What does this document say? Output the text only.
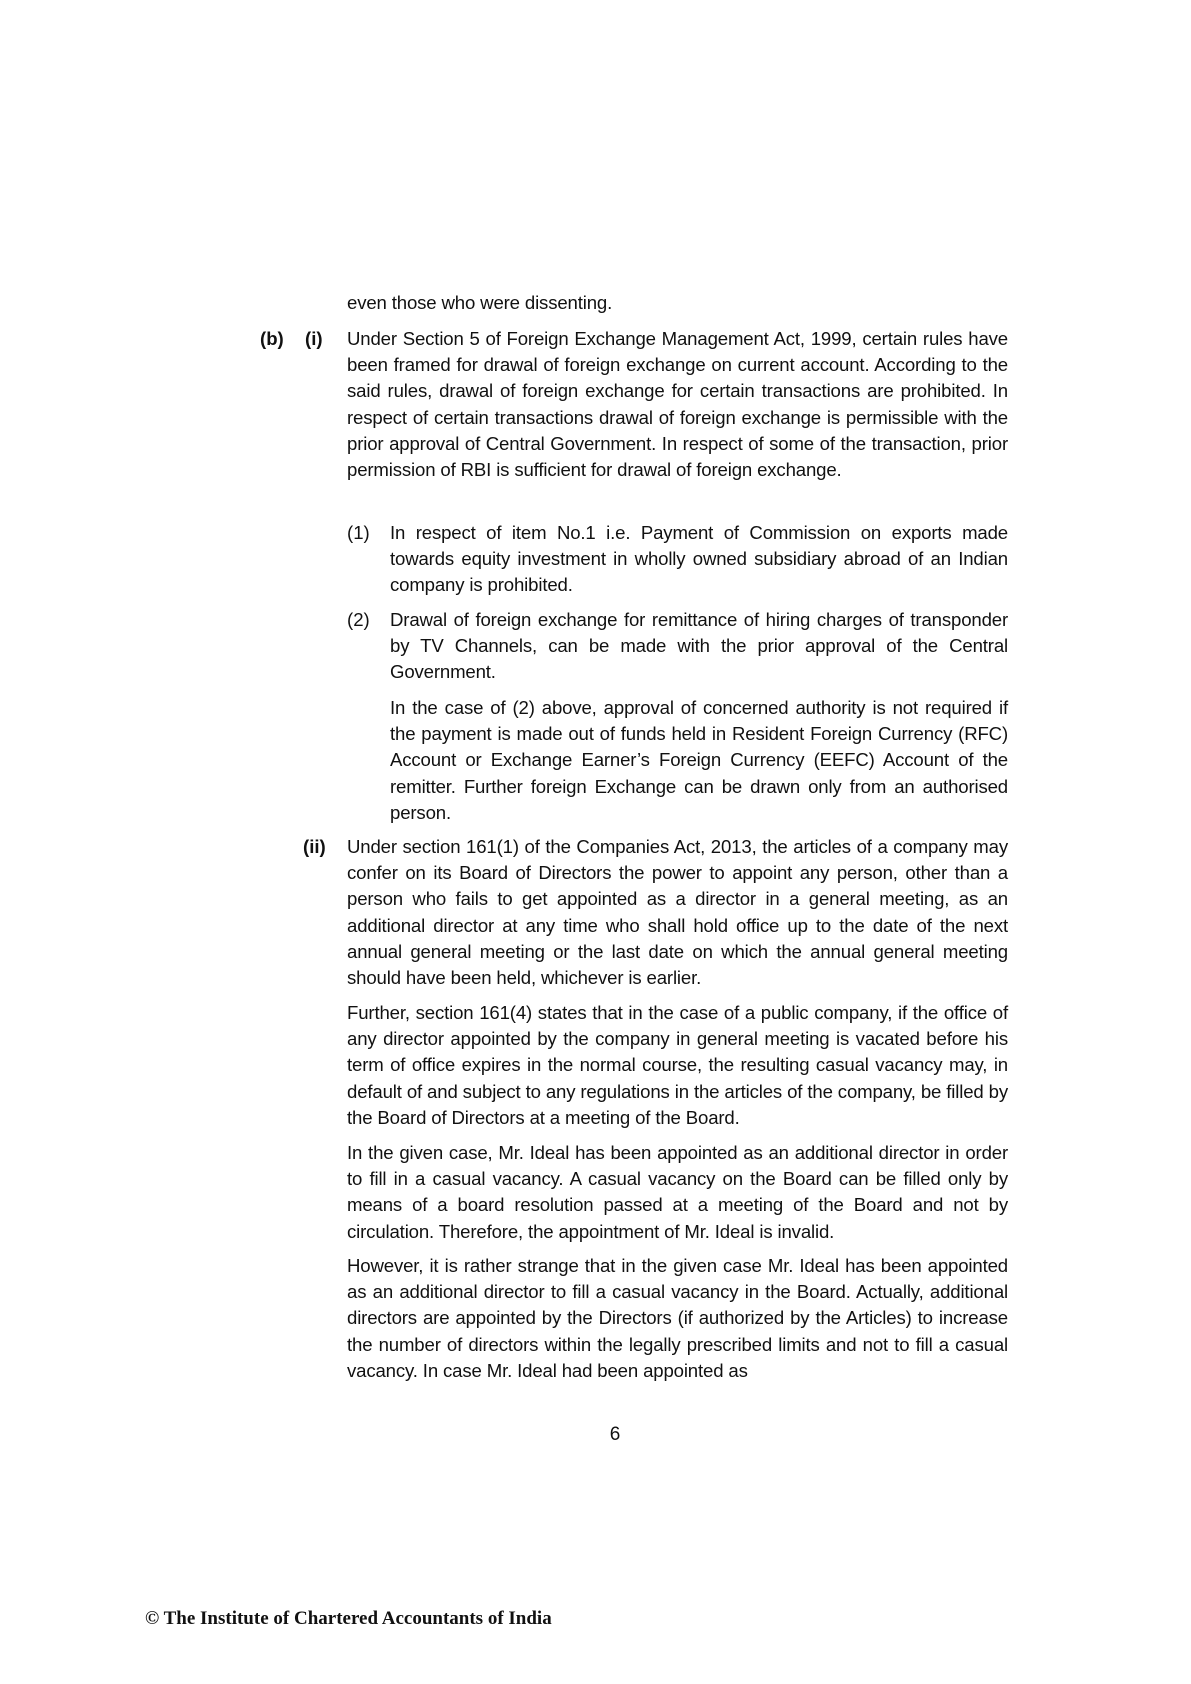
even those who were dissenting.

(b) (i) Under Section 5 of Foreign Exchange Management Act, 1999, certain rules have been framed for drawal of foreign exchange on current account. According to the said rules, drawal of foreign exchange for certain transactions are prohibited. In respect of certain transactions drawal of foreign exchange is permissible with the prior approval of Central Government. In respect of some of the transaction, prior permission of RBI is sufficient for drawal of foreign exchange.

(1) In respect of item No.1 i.e. Payment of Commission on exports made towards equity investment in wholly owned subsidiary abroad of an Indian company is prohibited.

(2) Drawal of foreign exchange for remittance of hiring charges of transponder by TV Channels, can be made with the prior approval of the Central Government.

In the case of (2) above, approval of concerned authority is not required if the payment is made out of funds held in Resident Foreign Currency (RFC) Account or Exchange Earner’s Foreign Currency (EEFC) Account of the remitter. Further foreign Exchange can be drawn only from an authorised person.

(ii) Under section 161(1) of the Companies Act, 2013, the articles of a company may confer on its Board of Directors the power to appoint any person, other than a person who fails to get appointed as a director in a general meeting, as an additional director at any time who shall hold office up to the date of the next annual general meeting or the last date on which the annual general meeting should have been held, whichever is earlier.

Further, section 161(4) states that in the case of a public company, if the office of any director appointed by the company in general meeting is vacated before his term of office expires in the normal course, the resulting casual vacancy may, in default of and subject to any regulations in the articles of the company, be filled by the Board of Directors at a meeting of the Board.

In the given case, Mr. Ideal has been appointed as an additional director in order to fill in a casual vacancy. A casual vacancy on the Board can be filled only by means of a board resolution passed at a meeting of the Board and not by circulation. Therefore, the appointment of Mr. Ideal is invalid.

However, it is rather strange that in the given case Mr. Ideal has been appointed as an additional director to fill a casual vacancy in the Board. Actually, additional directors are appointed by the Directors (if authorized by the Articles) to increase the number of directors within the legally prescribed limits and not to fill a casual vacancy. In case Mr. Ideal had been appointed as

6
© The Institute of Chartered Accountants of India
